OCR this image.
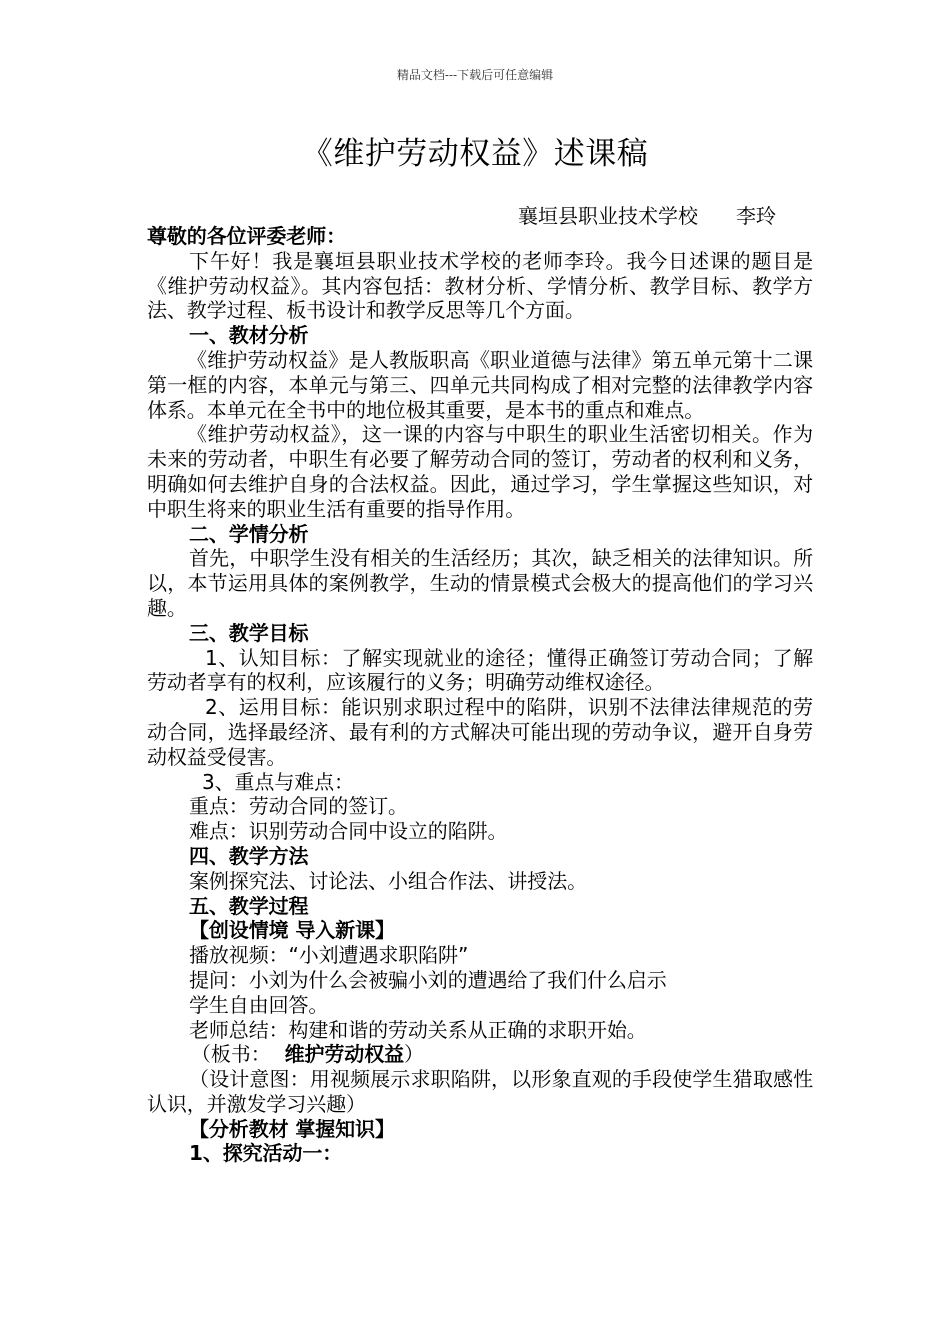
精品文档---下载后可任意编辑
《维护劳动权益》述课稿
襄垣县职业技术学校 李玲

尊敬的各位评委老师：

下午好！我是襄垣县职业技术学校的老师李玲。我今日述课的题目是《维护劳动权益》。其内容包括：教材分析、学情分析、教学目标、教学方法、教学过程、板书设计和教学反思等几个方面。

一、教材分析

《维护劳动权益》是人教版职高《职业道德与法律》第五单元第十二课第一框的内容，本单元与第三、四单元共同构成了相对完整的法律教学内容体系。本单元在全书中的地位极其重要，是本书的重点和难点。

《维护劳动权益》，这一课的内容与中职生的职业生活密切相关。作为未来的劳动者，中职生有必要了解劳动合同的签订，劳动者的权利和义务，明确如何去维护自身的合法权益。因此，通过学习，学生掌握这些知识，对中职生将来的职业生活有重要的指导作用。

二、学情分析

首先，中职学生没有相关的生活经历；其次，缺乏相关的法律知识。所以，本节运用具体的案例教学，生动的情景模式会极大的提高他们的学习兴趣。

三、教学目标

1、认知目标：了解实现就业的途径；懂得正确签订劳动合同；了解劳动者享有的权利，应该履行的义务；明确劳动维权途径。

2、运用目标：能识别求职过程中的陷阱，识别不法律法律规范的劳动合同，选择最经济、最有利的方式解决可能出现的劳动争议，避开自身劳动权益受侵害。

3、重点与难点：

重点：劳动合同的签订。

难点：识别劳动合同中设立的陷阱。

四、教学方法

案例探究法、讨论法、小组合作法、讲授法。

五、教学过程

【创设情境 导入新课】

播放视频：“小刘遭遇求职陷阱”

提问：小刘为什么会被骗小刘的遭遇给了我们什么启示

学生自由回答。

老师总结：构建和谐的劳动关系从正确的求职开始。

（板书： 维护劳动权益）

（设计意图：用视频展示求职陷阱，以形象直观的手段使学生猎取感性认识，并激发学习兴趣）

【分析教材 掌握知识】

1、探究活动一：
